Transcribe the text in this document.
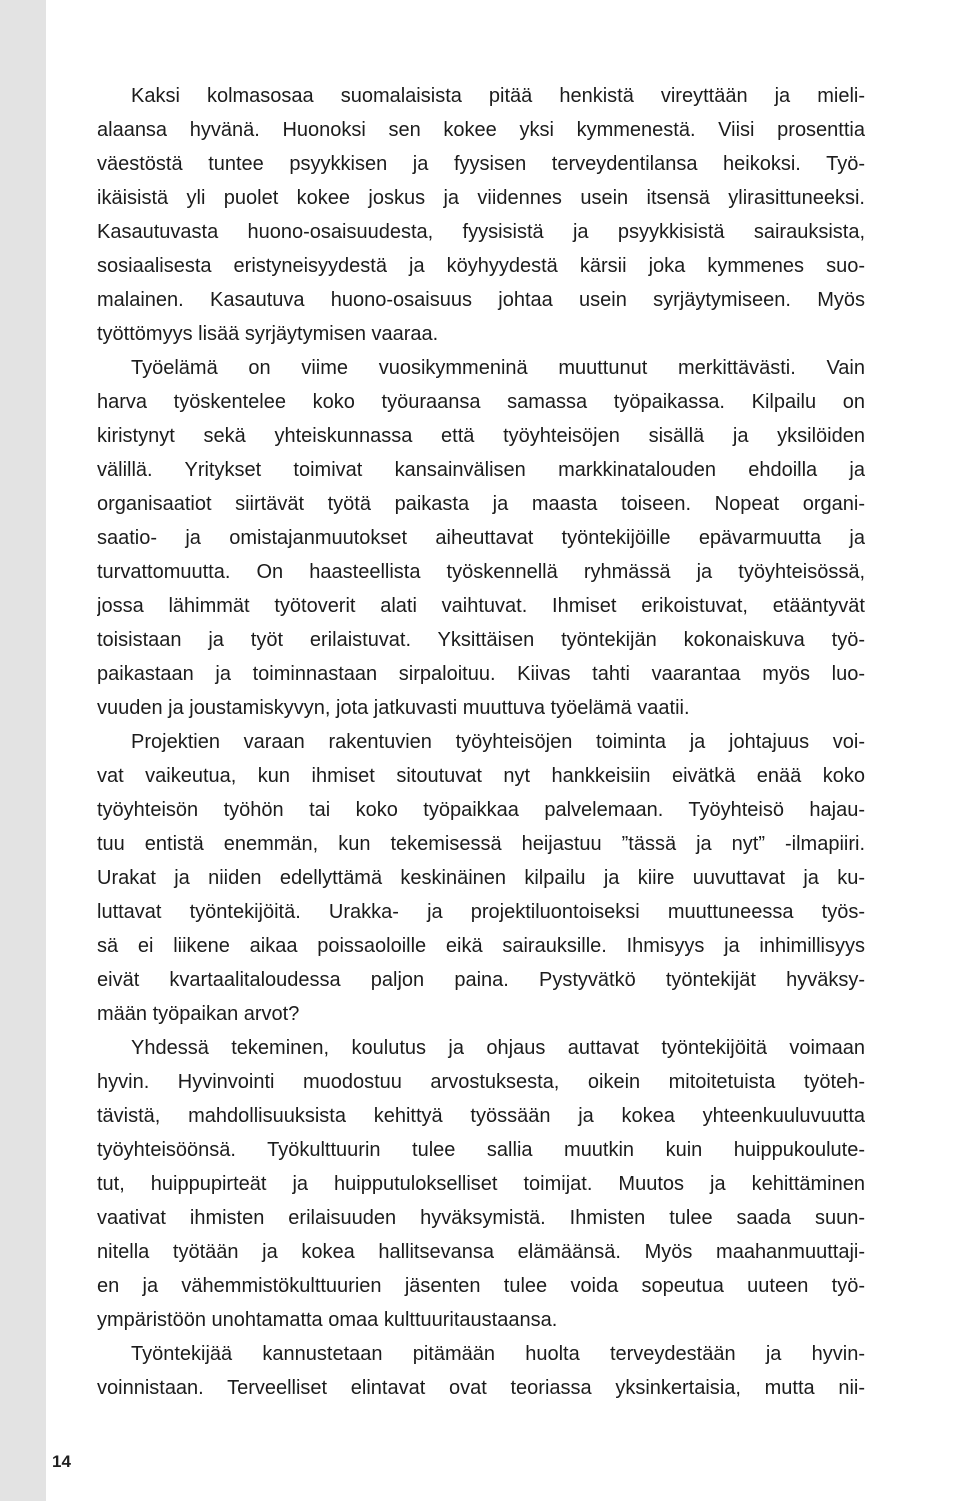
Kaksi kolmasosaa suomalaisista pitää henkistä vireyttään ja mieli-
alaansa hyvänä. Huonoksi sen kokee yksi kymmenestä. Viisi prosenttia
väestöstä tuntee psyykkisen ja fyysisen terveydentilansa heikoksi. Työ-
ikäisistä yli puolet kokee joskus ja viidennes usein itsensä ylirasittuneeksi.
Kasautuvasta huono-osaisuudesta, fyysisistä ja psyykkisistä sairauksista,
sosiaalisesta eristyneisyydestä ja köyhyydestä kärsii joka kymmenes suo-
malainen. Kasautuva huono-osaisuus johtaa usein syrjäytymiseen. Myös
työttömyys lisää syrjäytymisen vaaraa.
Työelämä on viime vuosikymmeninä muuttunut merkittävästi. Vain
harva työskentelee koko työuraansa samassa työpaikassa. Kilpailu on
kiristynyt sekä yhteiskunnassa että työyhteisöjen sisällä ja yksilöiden
välillä. Yritykset toimivat kansainvälisen markkinatalouden ehdoilla ja
organisaatiot siirtävät työtä paikasta ja maasta toiseen. Nopeat organi-
saatio- ja omistajanmuutokset aiheuttavat työntekijöille epävarmuutta ja
turvattomuutta. On haasteellista työskennellä ryhmässä ja työyhteisössä,
jossa lähimmät työtoverit alati vaihtuvat. Ihmiset erikoistuvat, etääntyvät
toisistaan ja työt erilaistuvat. Yksittäisen työntekijän kokonaiskuva työ-
paikastaan ja toiminnastaan sirpaloituu. Kiivas tahti vaarantaa myös luo-
vuuden ja joustamiskyvyn, jota jatkuvasti muuttuva työelämä vaatii.
Projektien varaan rakentuvien työyhteisöjen toiminta ja johtajuus voi-
vat vaikeutua, kun ihmiset sitoutuvat nyt hankkeisiin eivätkä enää koko
työyhteisön työhön tai koko työpaikkaa palvelemaan. Työyhteisö hajau-
tuu entistä enemmän, kun tekemisessä heijastuu ”tässä ja nyt” -ilmapiiri.
Urakat ja niiden edellyttämä keskinäinen kilpailu ja kiire uuvuttavat ja ku-
luttavat työntekijöitä. Urakka- ja projektiluontoiseksi muuttuneessa työs-
sä ei liikene aikaa poissaoloille eikä sairauksille. Ihmisyys ja inhimillisyys
eivät kvartaalitaloudessa paljon paina. Pystyvätkö työntekijät hyväksy-
mään työpaikan arvot?
Yhdessä tekeminen, koulutus ja ohjaus auttavat työntekijöitä voimaan
hyvin. Hyvinvointi muodostuu arvostuksesta, oikein mitoitetuista työteh-
tävistä, mahdollisuuksista kehittyä työssään ja kokea yhteenkuuluvuutta
työyhteisöönsä. Työkulttuurin tulee sallia muutkin kuin huippukoulute-
tut, huippupirteät ja huipputulokselliset toimijat. Muutos ja kehittäminen
vaativat ihmisten erilaisuuden hyväksymistä. Ihmisten tulee saada suun-
nitella työtään ja kokea hallitsevansa elämäänsä. Myös maahanmuuttaji-
en ja vähemmistökulttuurien jäsenten tulee voida sopeutua uuteen työ-
ympäristöön unohtamatta omaa kulttuuritaustaansa.
Työntekijää kannustetaan pitämään huolta terveydestään ja hyvin-
voinnistaan. Terveelliset elintavat ovat teoriassa yksinkertaisia, mutta nii-
14
